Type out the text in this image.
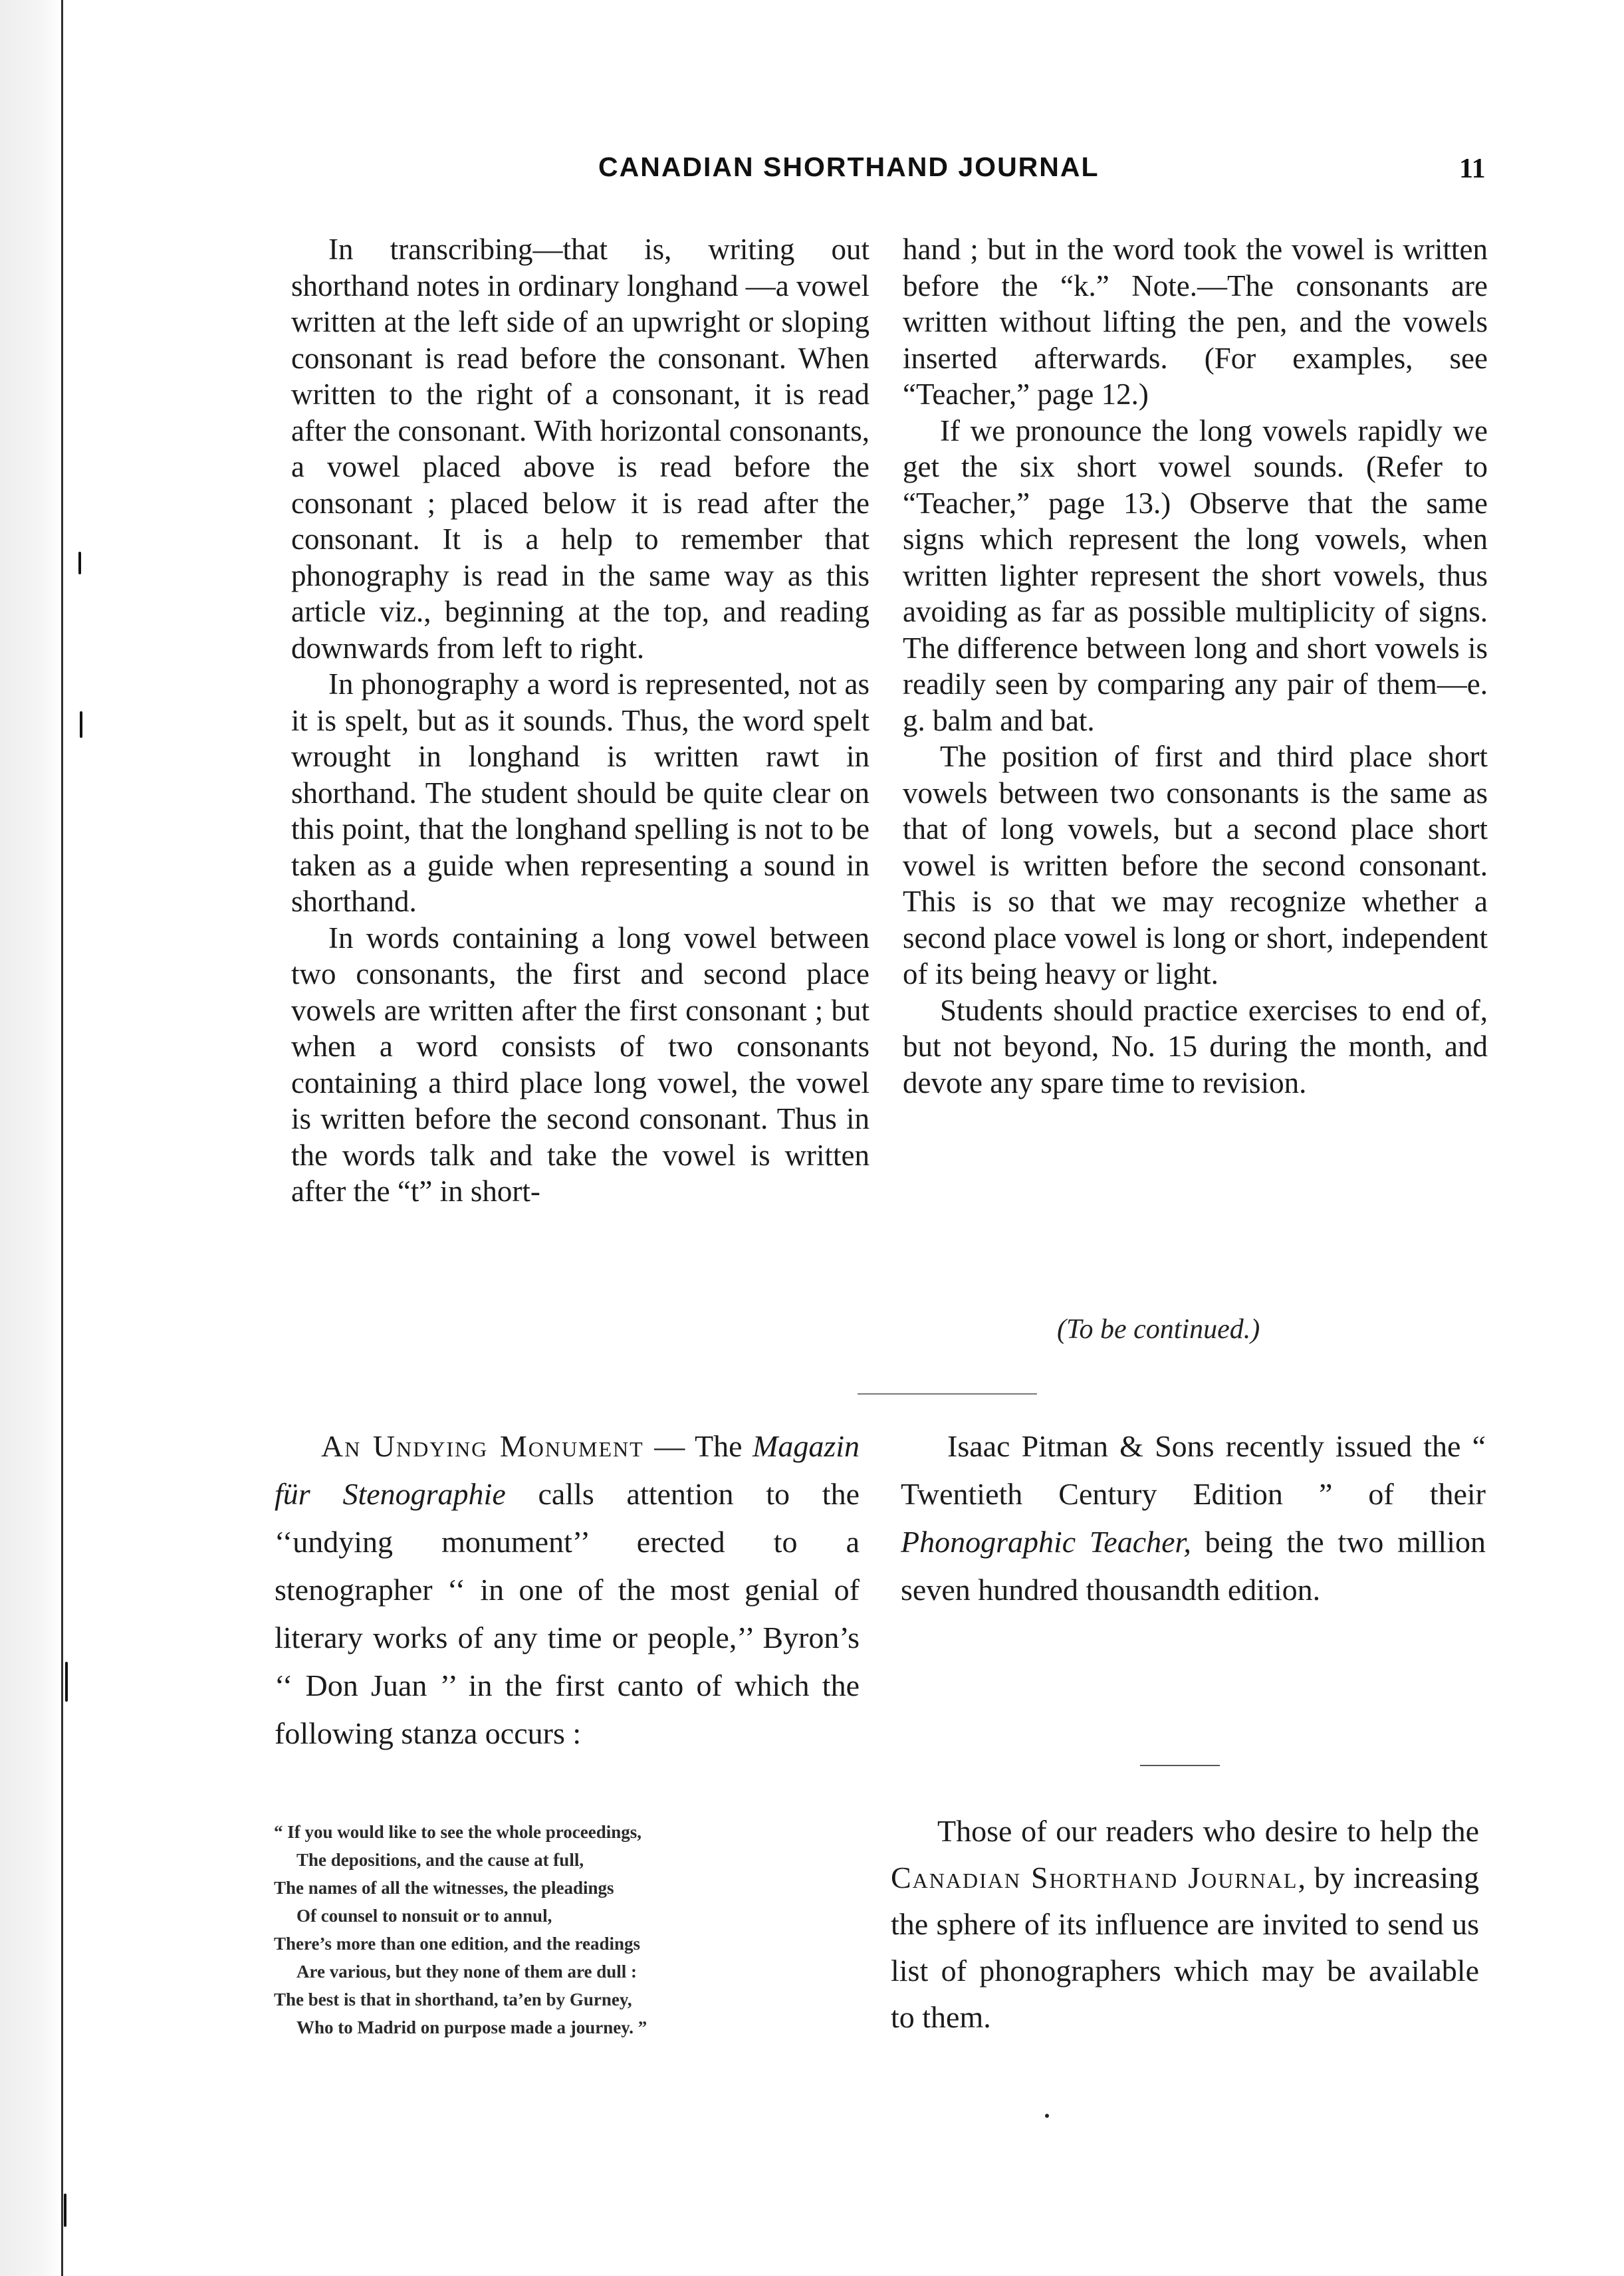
CANADIAN SHORTHAND JOURNAL	11

In transcribing—that is, writing out shorthand notes in ordinary longhand —a vowel written at the left side of an upwright or sloping consonant is read before the consonant. When written to the right of a consonant, it is read after the consonant. With horizontal consonants, a vowel placed above is read before the consonant ; placed below it is read after the consonant. It is a help to remember that phonography is read in the same way as this article viz., beginning at the top, and reading downwards from left to right.

In phonography a word is represented, not as it is spelt, but as it sounds. Thus, the word spelt wrought in longhand is written rawt in shorthand. The student should be quite clear on this point, that the longhand spelling is not to be taken as a guide when representing a sound in shorthand.

In words containing a long vowel between two consonants, the first and second place vowels are written after the first consonant ; but when a word consists of two consonants containing a third place long vowel, the vowel is written before the second consonant. Thus in the words talk and take the vowel is written after the “t” in short-

hand ; but in the word took the vowel is written before the “k.” Note.—The consonants are written without lifting the pen, and the vowels inserted afterwards. (For examples, see “Teacher,” page 12.)

If we pronounce the long vowels rapidly we get the six short vowel sounds. (Refer to “Teacher,” page 13.) Observe that the same signs which represent the long vowels, when written lighter represent the short vowels, thus avoiding as far as possible multiplicity of signs. The difference between long and short vowels is readily seen by comparing any pair of them—e. g. balm and bat.

The position of first and third place short vowels between two consonants is the same as that of long vowels, but a second place short vowel is written before the second consonant. This is so that we may recognize whether a second place vowel is long or short, independent of its being heavy or light.

Students should practice exercises to end of, but not beyond, No. 15 during the month, and devote any spare time to revision.

(To be continued.)

An Undying Monument — The Magazin für Stenographie calls attention to the ‘‘undying monument’’ erected to a stenographer ‘‘ in one of the most genial of literary works of any time or people,’’ Byron’s ‘‘ Don Juan ’’ in the first canto of which the following stanza occurs :

“ If you would like to see the whole proceedings,
The depositions, and the cause at full,
The names of all the witnesses, the pleadings
Of counsel to nonsuit or to annul,
There’s more than one edition, and the readings
Are various, but they none of them are dull :
The best is that in shorthand, ta’en by Gurney,
Who to Madrid on purpose made a journey. ”

Isaac Pitman & Sons recently issued the “ Twentieth Century Edition ” of their Phonographic Teacher, being the two million seven hundred thousandth edition.

Those of our readers who desire to help the Canadian Shorthand Journal, by increasing the sphere of its influence are invited to send us list of phonographers which may be available to them.
